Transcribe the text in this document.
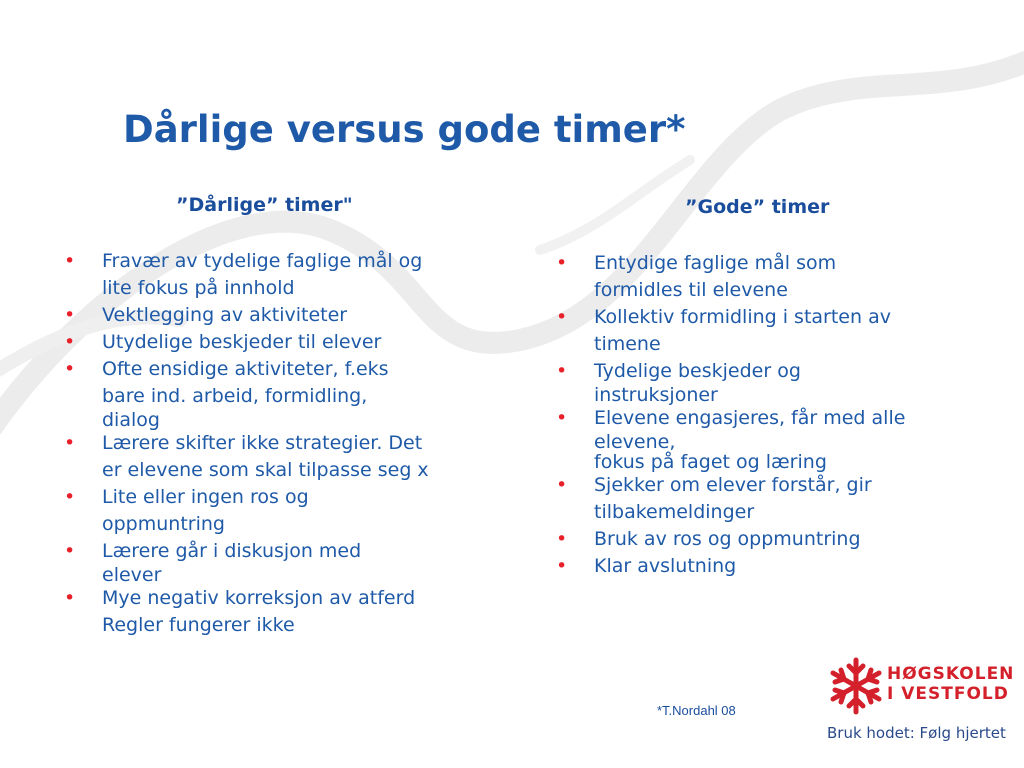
Dårlige versus gode timer*
”Dårlige” timer"	”Gode” timer
• Fravær av tydelige faglige mål og
lite fokus på innhold
• Vektlegging av aktiviteter
• Utydelige beskjeder til elever
• Ofte ensidige aktiviteter, f.eks
bare ind. arbeid, formidling,
dialog
• Lærere skifter ikke strategier. Det
er elevene som skal tilpasse seg x
• Lite eller ingen ros og
oppmuntring
• Lærere går i diskusjon med
elever
• Mye negativ korreksjon av atferd
Regler fungerer ikke
• Entydige faglige mål som
formidles til elevene
• Kollektiv formidling i starten av
timene
• Tydelige beskjeder og
instruksjoner
• Elevene engasjeres, får med alle
elevene,
fokus på faget og læring
• Sjekker om elever forstår, gir
tilbakemeldinger
• Bruk av ros og oppmuntring
• Klar avslutning
*T.Nordahl 08
HØGSKOLEN
I VESTFOLD
Bruk hodet: Følg hjertet
